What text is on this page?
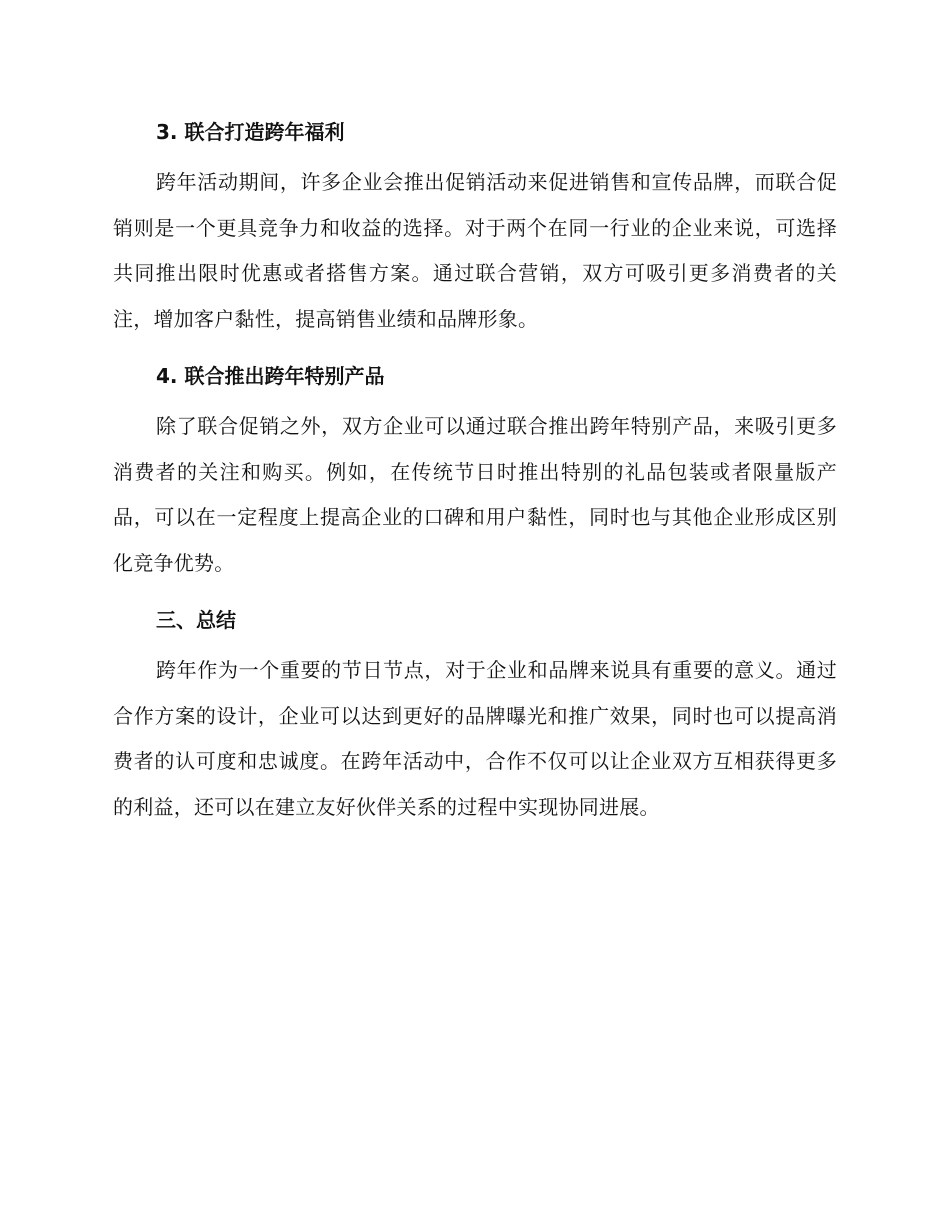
3. 联合打造跨年福利

跨年活动期间，许多企业会推出促销活动来促进销售和宣传品牌，而联合促销则是一个更具竞争力和收益的选择。对于两个在同一行业的企业来说，可选择共同推出限时优惠或者搭售方案。通过联合营销，双方可吸引更多消费者的关注，增加客户黏性，提高销售业绩和品牌形象。

4. 联合推出跨年特别产品

除了联合促销之外，双方企业可以通过联合推出跨年特别产品，来吸引更多消费者的关注和购买。例如，在传统节日时推出特别的礼品包装或者限量版产品，可以在一定程度上提高企业的口碑和用户黏性，同时也与其他企业形成区别化竞争优势。

三、总结

跨年作为一个重要的节日节点，对于企业和品牌来说具有重要的意义。通过合作方案的设计，企业可以达到更好的品牌曝光和推广效果，同时也可以提高消费者的认可度和忠诚度。在跨年活动中，合作不仅可以让企业双方互相获得更多的利益，还可以在建立友好伙伴关系的过程中实现协同进展。
